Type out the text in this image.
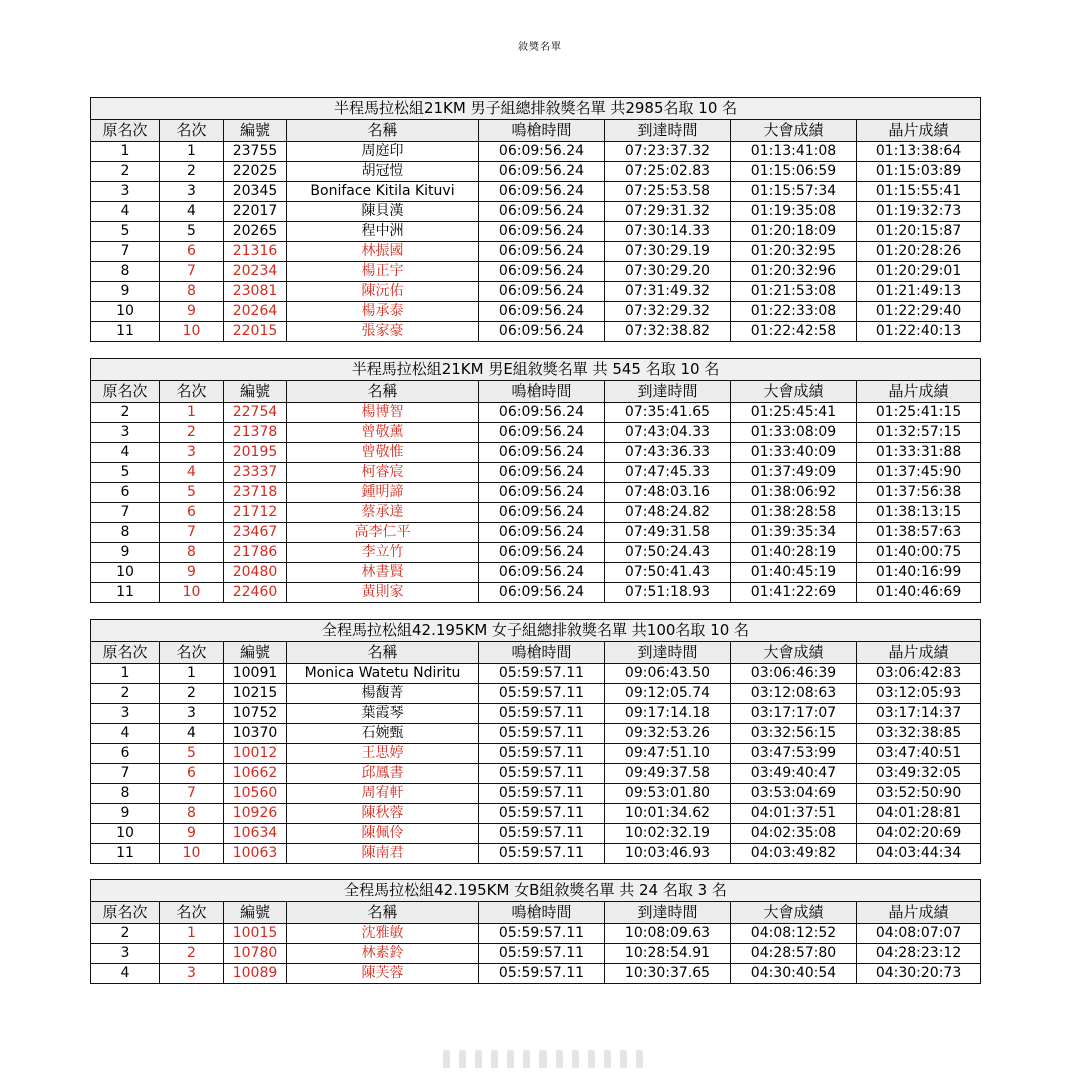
敘獎名單
半程馬拉松組21KM 男子組總排敘獎名單 共2985名取 10 名							
原名次	名次	編號	名稱	鳴槍時間	到達時間	大會成績	晶片成績
1	1	23755	周庭印	06:09:56.24	07:23:37.32	01:13:41:08	01:13:38:64
2	2	22025	胡冠愷	06:09:56.24	07:25:02.83	01:15:06:59	01:15:03:89
3	3	20345	Boniface Kitila Kituvi	06:09:56.24	07:25:53.58	01:15:57:34	01:15:55:41
4	4	22017	陳貝漢	06:09:56.24	07:29:31.32	01:19:35:08	01:19:32:73
5	5	20265	程中洲	06:09:56.24	07:30:14.33	01:20:18:09	01:20:15:87
7	6	21316	林振國	06:09:56.24	07:30:29.19	01:20:32:95	01:20:28:26
8	7	20234	楊正宇	06:09:56.24	07:30:29.20	01:20:32:96	01:20:29:01
9	8	23081	陳沅佑	06:09:56.24	07:31:49.32	01:21:53:08	01:21:49:13
10	9	20264	楊承泰	06:09:56.24	07:32:29.32	01:22:33:08	01:22:29:40
11	10	22015	張家豪	06:09:56.24	07:32:38.82	01:22:42:58	01:22:40:13
半程馬拉松組21KM 男E組敘獎名單 共 545 名取 10 名							
原名次	名次	編號	名稱	鳴槍時間	到達時間	大會成績	晶片成績
2	1	22754	楊博智	06:09:56.24	07:35:41.65	01:25:45:41	01:25:41:15
3	2	21378	曾敬薰	06:09:56.24	07:43:04.33	01:33:08:09	01:32:57:15
4	3	20195	曾敬惟	06:09:56.24	07:43:36.33	01:33:40:09	01:33:31:88
5	4	23337	柯睿宸	06:09:56.24	07:47:45.33	01:37:49:09	01:37:45:90
6	5	23718	鍾明諦	06:09:56.24	07:48:03.16	01:38:06:92	01:37:56:38
7	6	21712	蔡承達	06:09:56.24	07:48:24.82	01:38:28:58	01:38:13:15
8	7	23467	高李仁平	06:09:56.24	07:49:31.58	01:39:35:34	01:38:57:63
9	8	21786	李立竹	06:09:56.24	07:50:24.43	01:40:28:19	01:40:00:75
10	9	20480	林書賢	06:09:56.24	07:50:41.43	01:40:45:19	01:40:16:99
11	10	22460	黃則家	06:09:56.24	07:51:18.93	01:41:22:69	01:40:46:69
全程馬拉松組42.195KM 女子組總排敘獎名單 共100名取 10 名							
原名次	名次	編號	名稱	鳴槍時間	到達時間	大會成績	晶片成績
1	1	10091	Monica Watetu Ndiritu	05:59:57.11	09:06:43.50	03:06:46:39	03:06:42:83
2	2	10215	楊馥菁	05:59:57.11	09:12:05.74	03:12:08:63	03:12:05:93
3	3	10752	葉霞琴	05:59:57.11	09:17:14.18	03:17:17:07	03:17:14:37
4	4	10370	石婉甄	05:59:57.11	09:32:53.26	03:32:56:15	03:32:38:85
6	5	10012	王思婷	05:59:57.11	09:47:51.10	03:47:53:99	03:47:40:51
7	6	10662	邱鳳書	05:59:57.11	09:49:37.58	03:49:40:47	03:49:32:05
8	7	10560	周宥軒	05:59:57.11	09:53:01.80	03:53:04:69	03:52:50:90
9	8	10926	陳秋蓉	05:59:57.11	10:01:34.62	04:01:37:51	04:01:28:81
10	9	10634	陳佩伶	05:59:57.11	10:02:32.19	04:02:35:08	04:02:20:69
11	10	10063	陳南君	05:59:57.11	10:03:46.93	04:03:49:82	04:03:44:34
全程馬拉松組42.195KM 女B組敘獎名單 共 24 名取 3 名							
原名次	名次	編號	名稱	鳴槍時間	到達時間	大會成績	晶片成績
2	1	10015	沈雅敏	05:59:57.11	10:08:09.63	04:08:12:52	04:08:07:07
3	2	10780	林素鈴	05:59:57.11	10:28:54.91	04:28:57:80	04:28:23:12
4	3	10089	陳芙蓉	05:59:57.11	10:30:37.65	04:30:40:54	04:30:20:73
